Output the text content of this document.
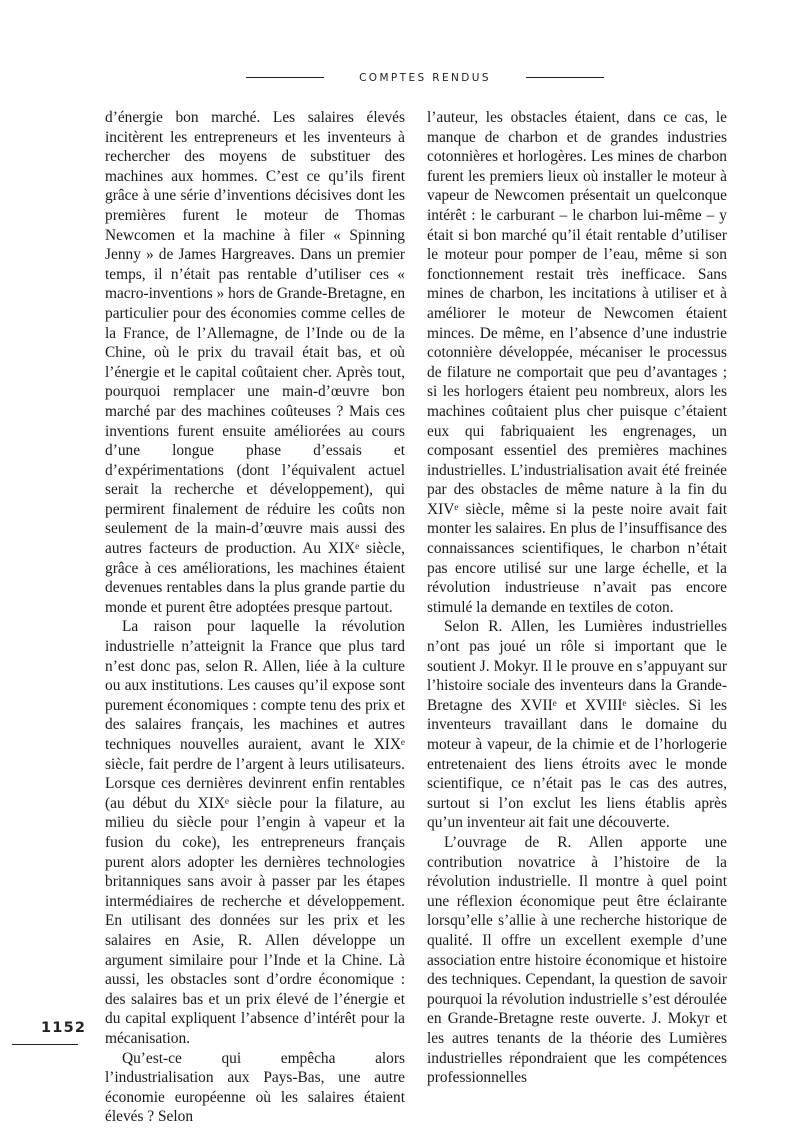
COMPTES RENDUS

d’énergie bon marché. Les salaires élevés incitèrent les entrepreneurs et les inventeurs à rechercher des moyens de substituer des machines aux hommes. C’est ce qu’ils firent grâce à une série d’inventions décisives dont les premières furent le moteur de Thomas Newcomen et la machine à filer « Spinning Jenny » de James Hargreaves. Dans un premier temps, il n’était pas rentable d’utiliser ces « macro-inventions » hors de Grande-Bretagne, en particulier pour des économies comme celles de la France, de l’Allemagne, de l’Inde ou de la Chine, où le prix du travail était bas, et où l’énergie et le capital coûtaient cher. Après tout, pourquoi remplacer une main-d’œuvre bon marché par des machines coûteuses ? Mais ces inventions furent ensuite améliorées au cours d’une longue phase d’essais et d’expérimentations (dont l’équivalent actuel serait la recherche et développement), qui permirent finalement de réduire les coûts non seulement de la main-d’œuvre mais aussi des autres facteurs de production. Au XIXᵉ siècle, grâce à ces améliorations, les machines étaient devenues rentables dans la plus grande partie du monde et purent être adoptées presque partout.

La raison pour laquelle la révolution industrielle n’atteignit la France que plus tard n’est donc pas, selon R. Allen, liée à la culture ou aux institutions. Les causes qu’il expose sont purement économiques : compte tenu des prix et des salaires français, les machines et autres techniques nouvelles auraient, avant le XIXᵉ siècle, fait perdre de l’argent à leurs utilisateurs. Lorsque ces dernières devinrent enfin rentables (au début du XIXᵉ siècle pour la filature, au milieu du siècle pour l’engin à vapeur et la fusion du coke), les entrepreneurs français purent alors adopter les dernières technologies britanniques sans avoir à passer par les étapes intermédiaires de recherche et développement. En utilisant des données sur les prix et les salaires en Asie, R. Allen développe un argument similaire pour l’Inde et la Chine. Là aussi, les obstacles sont d’ordre économique : des salaires bas et un prix élevé de l’énergie et du capital expliquent l’absence d’intérêt pour la mécanisation.

Qu’est-ce qui empêcha alors l’industrialisation aux Pays-Bas, une autre économie européenne où les salaires étaient élevés ? Selon

l’auteur, les obstacles étaient, dans ce cas, le manque de charbon et de grandes industries cotonnières et horlogères. Les mines de charbon furent les premiers lieux où installer le moteur à vapeur de Newcomen présentait un quelconque intérêt : le carburant – le charbon lui-même – y était si bon marché qu’il était rentable d’utiliser le moteur pour pomper de l’eau, même si son fonctionnement restait très inefficace. Sans mines de charbon, les incitations à utiliser et à améliorer le moteur de Newcomen étaient minces. De même, en l’absence d’une industrie cotonnière développée, mécaniser le processus de filature ne comportait que peu d’avantages ; si les horlogers étaient peu nombreux, alors les machines coûtaient plus cher puisque c’étaient eux qui fabriquaient les engrenages, un composant essentiel des premières machines industrielles. L’industrialisation avait été freinée par des obstacles de même nature à la fin du XIVᵉ siècle, même si la peste noire avait fait monter les salaires. En plus de l’insuffisance des connaissances scientifiques, le charbon n’était pas encore utilisé sur une large échelle, et la révolution industrieuse n’avait pas encore stimulé la demande en textiles de coton.

Selon R. Allen, les Lumières industrielles n’ont pas joué un rôle si important que le soutient J. Mokyr. Il le prouve en s’appuyant sur l’histoire sociale des inventeurs dans la Grande-Bretagne des XVIIᵉ et XVIIIᵉ siècles. Si les inventeurs travaillant dans le domaine du moteur à vapeur, de la chimie et de l’horlogerie entretenaient des liens étroits avec le monde scientifique, ce n’était pas le cas des autres, surtout si l’on exclut les liens établis après qu’un inventeur ait fait une découverte.

L’ouvrage de R. Allen apporte une contribution novatrice à l’histoire de la révolution industrielle. Il montre à quel point une réflexion économique peut être éclairante lorsqu’elle s’allie à une recherche historique de qualité. Il offre un excellent exemple d’une association entre histoire économique et histoire des techniques. Cependant, la question de savoir pourquoi la révolution industrielle s’est déroulée en Grande-Bretagne reste ouverte. J. Mokyr et les autres tenants de la théorie des Lumières industrielles répondraient que les compétences professionnelles

1152
